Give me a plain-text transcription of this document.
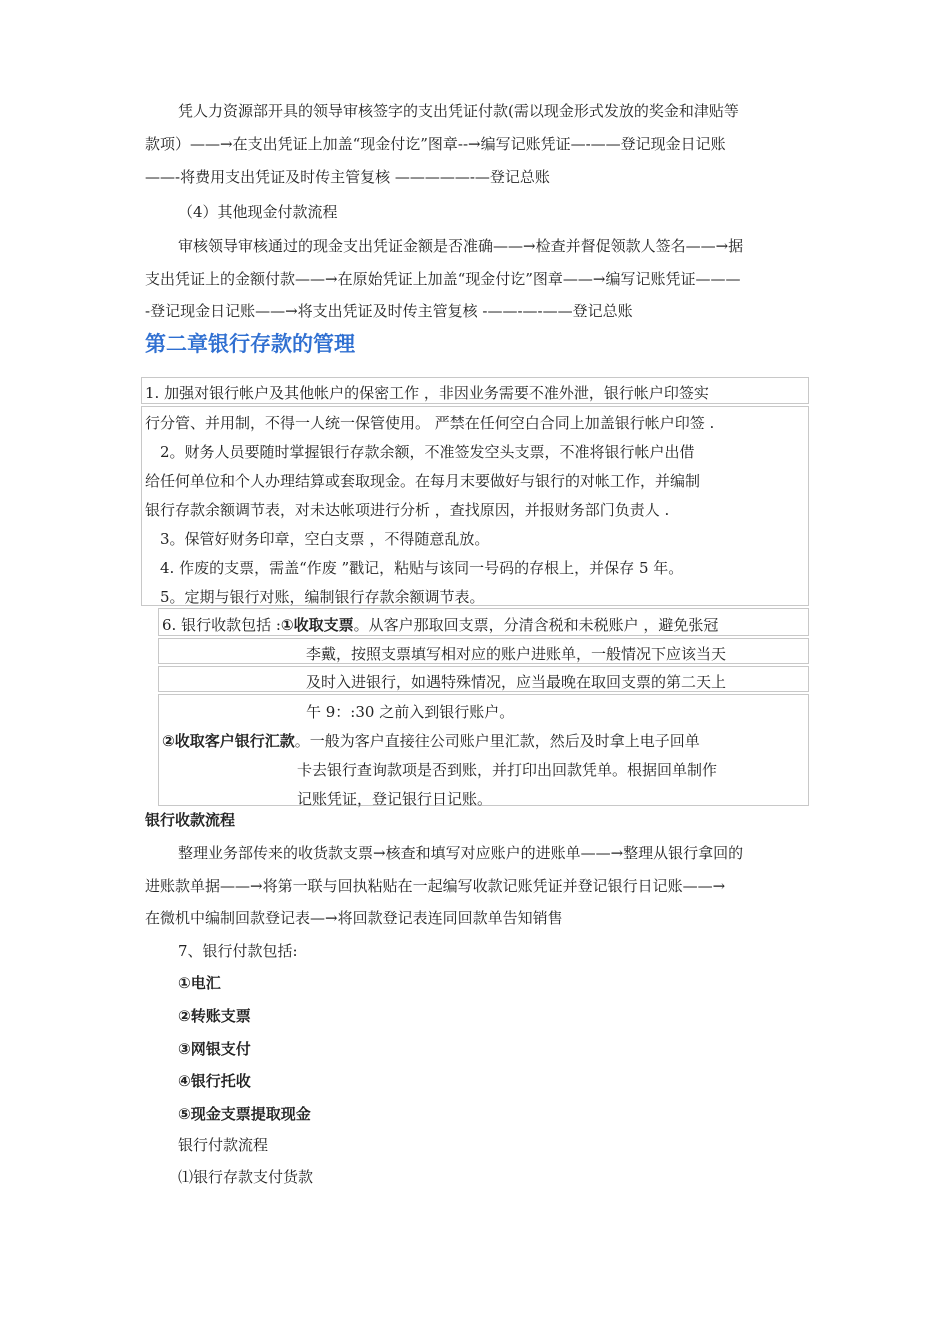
凭人力资源部开具的领导审核签字的支出凭证付款(需以现金形式发放的奖金和津贴等
款项）——→在支出凭证上加盖“现金付讫”图章--→编写记账凭证—-——登记现金日记账
——-将费用支出凭证及时传主管复核 —————-—登记总账
（4）其他现金付款流程
审核领导审核通过的现金支出凭证金额是否准确——→检查并督促领款人签名——→据
支出凭证上的金额付款——→在原始凭证上加盖“现金付讫”图章——→编写记账凭证———
-登记现金日记账——→将支出凭证及时传主管复核 -——-—-——登记总账
第二章银行存款的管理
1. 加强对银行帐户及其他帐户的保密工作 ，非因业务需要不准外泄，银行帐户印签实
行分管、并用制，不得一人统一保管使用。 严禁在任何空白合同上加盖银行帐户印签 .
2。财务人员要随时掌握银行存款余额，不准签发空头支票，不准将银行帐户出借
给任何单位和个人办理结算或套取现金。在每月末要做好与银行的对帐工作，并编制
银行存款余额调节表，对未达帐项进行分析 ，查找原因，并报财务部门负责人 .
3。保管好财务印章，空白支票 ，不得随意乱放。
4. 作废的支票，需盖“作废 ”戳记，粘贴与该同一号码的存根上，并保存 5 年。
5。定期与银行对账，编制银行存款余额调节表。
6. 银行收款包括 :①收取支票。从客户那取回支票，分清含税和未税账户 ，避免张冠
李戴，按照支票填写相对应的账户进账单，一般情况下应该当天
及时入进银行，如遇特殊情况，应当最晚在取回支票的第二天上
午 9：:30 之前入到银行账户。
②收取客户银行汇款。一般为客户直接往公司账户里汇款，然后及时拿上电子回单
卡去银行查询款项是否到账，并打印出回款凭单。根据回单制作
记账凭证，登记银行日记账。
银行收款流程
整理业务部传来的收货款支票→核查和填写对应账户的进账单——→整理从银行拿回的
进账款单据——→将第一联与回执粘贴在一起编写收款记账凭证并登记银行日记账——→
在微机中编制回款登记表—→将回款登记表连同回款单告知销售
7、银行付款包括:
①电汇
②转账支票
③网银支付
④银行托收
⑤现金支票提取现金
银行付款流程
⑴银行存款支付货款
